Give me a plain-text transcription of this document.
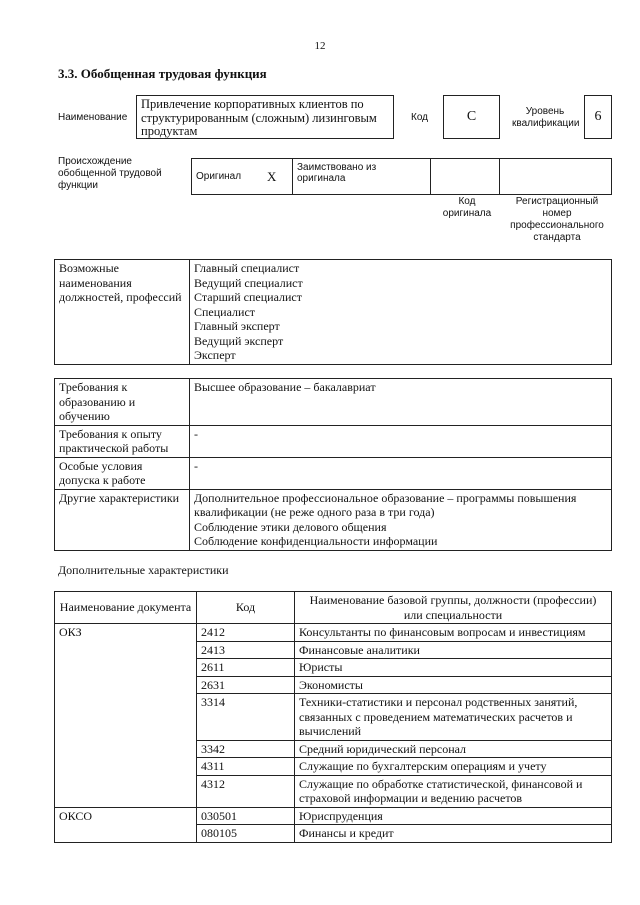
12
3.3. Обобщенная трудовая функция
Наименование
Привлечение корпоративных клиентов по структурированным (сложным) лизинговым продуктам
Код	C	Уровень квалификации	6
Происхождение обобщенной трудовой функции
Оригинал	X	Заимствовано из оригинала		
Код оригинала
Регистрационный номер профессионального стандарта
Возможные наименования должностей, профессий	
Главный специалист
Ведущий специалист
Старший специалист
Специалист
Главный эксперт
Ведущий эксперт
Эксперт
Требования к образованию и обучению	Высшее образование – бакалавриат

Требования к опыту практической работы	-

Особые условия допуска к работе	-

Другие характеристики	Дополнительное профессиональное образование – программы повышения квалификации (не реже одного раза в три года)
Соблюдение этики делового общения
Соблюдение конфиденциальности информации
Дополнительные характеристики
Наименование документа	Код	Наименование базовой группы, должности (профессии) или специальности
ОКЗ	2412	Консультанты по финансовым вопросам и инвестициям
	2413	Финансовые аналитики
	2611	Юристы
	2631	Экономисты
	3314	Техники-статистики и персонал родственных занятий, связанных с проведением математических расчетов и вычислений
	3342	Средний юридический персонал
	4311	Служащие по бухгалтерским операциям и учету
	4312	Служащие по обработке статистической, финансовой и страховой информации и ведению расчетов
ОКСО	030501	Юриспруденция
	080105	Финансы и кредит
